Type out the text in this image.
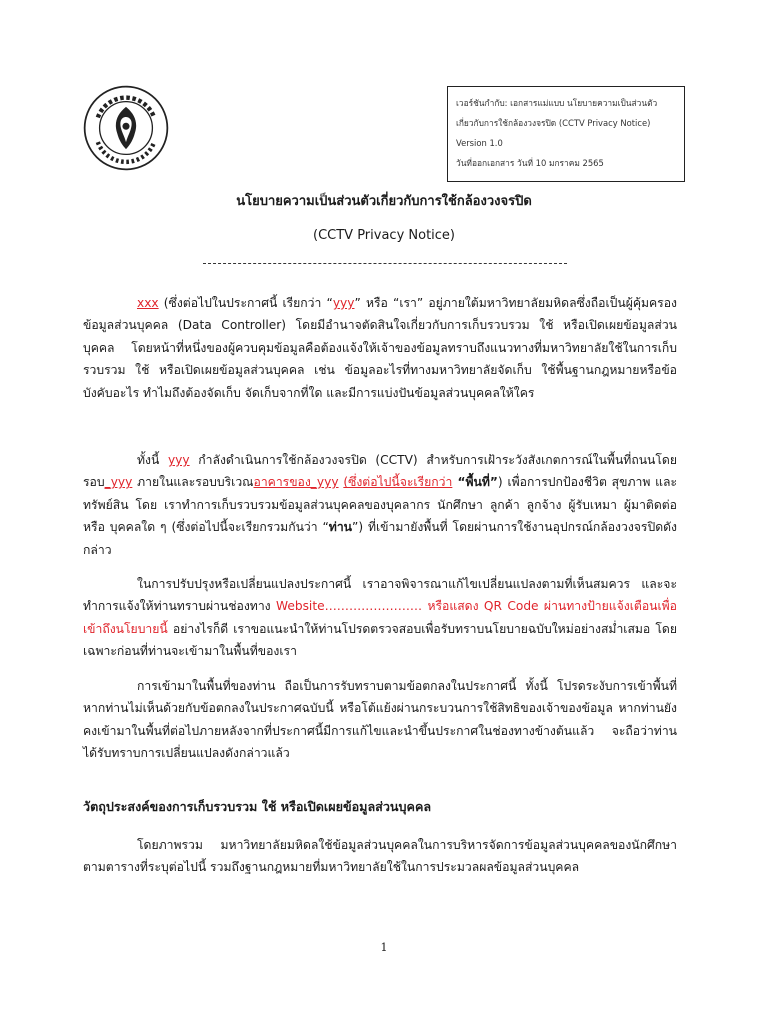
เวอร์ชันกำกับ: เอกสารแม่แบบ นโยบายความเป็นส่วนตัว
เกี่ยวกับการใช้กล้องวงจรปิด (CCTV Privacy Notice)
Version 1.0
วันที่ออกเอกสาร วันที่ 10 มกราคม 2565
นโยบายความเป็นส่วนตัวเกี่ยวกับการใช้กล้องวงจรปิด
(CCTV Privacy Notice)
xxx (ซึ่งต่อไปในประกาศนี้ เรียกว่า “yyy” หรือ “เรา” อยู่ภายใต้มหาวิทยาลัยมหิดลซึ่งถือเป็นผู้คุ้มครองข้อมูลส่วนบุคคล (Data Controller) โดยมีอำนาจตัดสินใจเกี่ยวกับการเก็บรวบรวม ใช้ หรือเปิดเผยข้อมูลส่วนบุคคล โดยหน้าที่หนึ่งของผู้ควบคุมข้อมูลคือต้องแจ้งให้เจ้าของข้อมูลทราบถึงแนวทางที่มหาวิทยาลัยใช้ในการเก็บรวบรวม ใช้ หรือเปิดเผยข้อมูลส่วนบุคคล เช่น ข้อมูลอะไรที่ทางมหาวิทยาลัยจัดเก็บ ใช้พื้นฐานกฎหมายหรือข้อบังคับอะไร ทำไมถึงต้องจัดเก็บ จัดเก็บจากที่ใด และมีการแบ่งปันข้อมูลส่วนบุคคลให้ใคร
ทั้งนี้ yyy กำลังดำเนินการใช้กล้องวงจรปิด (CCTV) สำหรับการเฝ้าระวังสังเกตการณ์ในพื้นที่ถนนโดยรอบ_yyy ภายในและรอบบริเวณอาคารของ_yyy (ซึ่งต่อไปนี้จะเรียกว่า “พื้นที่”) เพื่อการปกป้องชีวิต สุขภาพ และทรัพย์สิน โดย เราทำการเก็บรวบรวมข้อมูลส่วนบุคคลของบุคลากร นักศึกษา ลูกค้า ลูกจ้าง ผู้รับเหมา ผู้มาติดต่อ หรือ บุคคลใด ๆ (ซึ่งต่อไปนี้จะเรียกรวมกันว่า “ท่าน”) ที่เข้ามายังพื้นที่ โดยผ่านการใช้งานอุปกรณ์กล้องวงจรปิดดังกล่าว
ในการปรับปรุงหรือเปลี่ยนแปลงประกาศนี้ เราอาจพิจารณาแก้ไขเปลี่ยนแปลงตามที่เห็นสมควร และจะทำการแจ้งให้ท่านทราบผ่านช่องทาง Website…………………… หรือแสดง QR Code ผ่านทางป้ายแจ้งเตือนเพื่อเข้าถึงนโยบายนี้ อย่างไรก็ดี เราขอแนะนำให้ท่านโปรดตรวจสอบเพื่อรับทราบนโยบายฉบับใหม่อย่างสม่ำเสมอ โดยเฉพาะก่อนที่ท่านจะเข้ามาในพื้นที่ของเรา
การเข้ามาในพื้นที่ของท่าน ถือเป็นการรับทราบตามข้อตกลงในประกาศนี้ ทั้งนี้ โปรดระงับการเข้าพื้นที่ หากท่านไม่เห็นด้วยกับข้อตกลงในประกาศฉบับนี้ หรือโต้แย้งผ่านกระบวนการใช้สิทธิของเจ้าของข้อมูล หากท่านยังคงเข้ามาในพื้นที่ต่อไปภายหลังจากที่ประกาศนี้มีการแก้ไขและนำขึ้นประกาศในช่องทางข้างต้นแล้ว จะถือว่าท่านได้รับทราบการเปลี่ยนแปลงดังกล่าวแล้ว
วัตถุประสงค์ของการเก็บรวบรวม ใช้ หรือเปิดเผยข้อมูลส่วนบุคคล
โดยภาพรวม มหาวิทยาลัยมหิดลใช้ข้อมูลส่วนบุคคลในการบริหารจัดการข้อมูลส่วนบุคคลของนักศึกษาตามตารางที่ระบุต่อไปนี้ รวมถึงฐานกฎหมายที่มหาวิทยาลัยใช้ในการประมวลผลข้อมูลส่วนบุคคล
1
